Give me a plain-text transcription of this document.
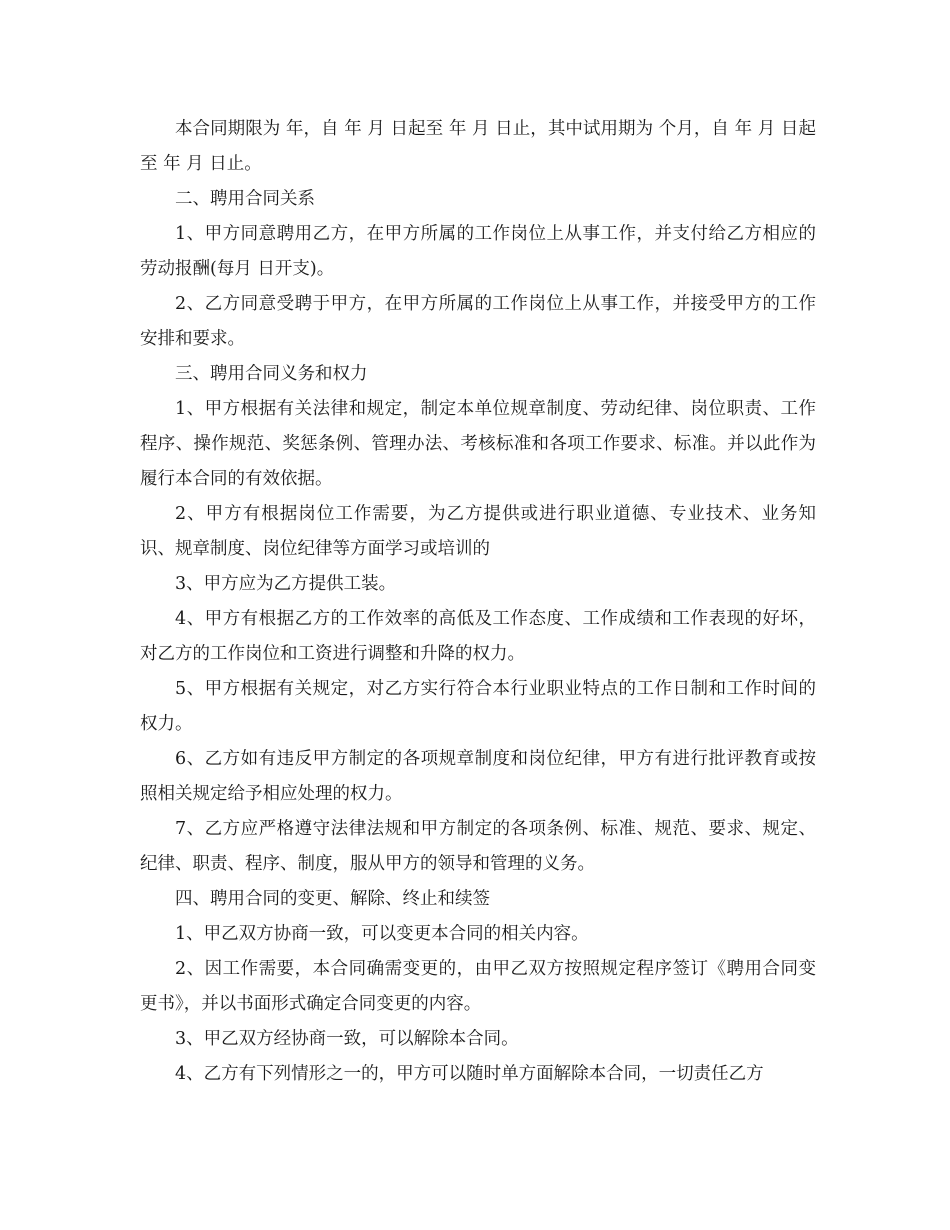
本合同期限为 年，自 年 月 日起至 年 月 日止，其中试用期为 个月，自 年 月 日起至 年 月 日止。

二、聘用合同关系

1、甲方同意聘用乙方，在甲方所属的工作岗位上从事工作，并支付给乙方相应的劳动报酬(每月 日开支)。

2、乙方同意受聘于甲方，在甲方所属的工作岗位上从事工作，并接受甲方的工作安排和要求。

三、聘用合同义务和权力

1、甲方根据有关法律和规定，制定本单位规章制度、劳动纪律、岗位职责、工作程序、操作规范、奖惩条例、管理办法、考核标准和各项工作要求、标准。并以此作为履行本合同的有效依据。

2、甲方有根据岗位工作需要，为乙方提供或进行职业道德、专业技术、业务知识、规章制度、岗位纪律等方面学习或培训的

3、甲方应为乙方提供工装。

4、甲方有根据乙方的工作效率的高低及工作态度、工作成绩和工作表现的好坏，对乙方的工作岗位和工资进行调整和升降的权力。

5、甲方根据有关规定，对乙方实行符合本行业职业特点的工作日制和工作时间的权力。

6、乙方如有违反甲方制定的各项规章制度和岗位纪律，甲方有进行批评教育或按照相关规定给予相应处理的权力。

7、乙方应严格遵守法律法规和甲方制定的各项条例、标准、规范、要求、规定、纪律、职责、程序、制度，服从甲方的领导和管理的义务。

四、聘用合同的变更、解除、终止和续签

1、甲乙双方协商一致，可以变更本合同的相关内容。

2、因工作需要，本合同确需变更的，由甲乙双方按照规定程序签订《聘用合同变更书》，并以书面形式确定合同变更的内容。

3、甲乙双方经协商一致，可以解除本合同。

4、乙方有下列情形之一的，甲方可以随时单方面解除本合同，一切责任乙方
